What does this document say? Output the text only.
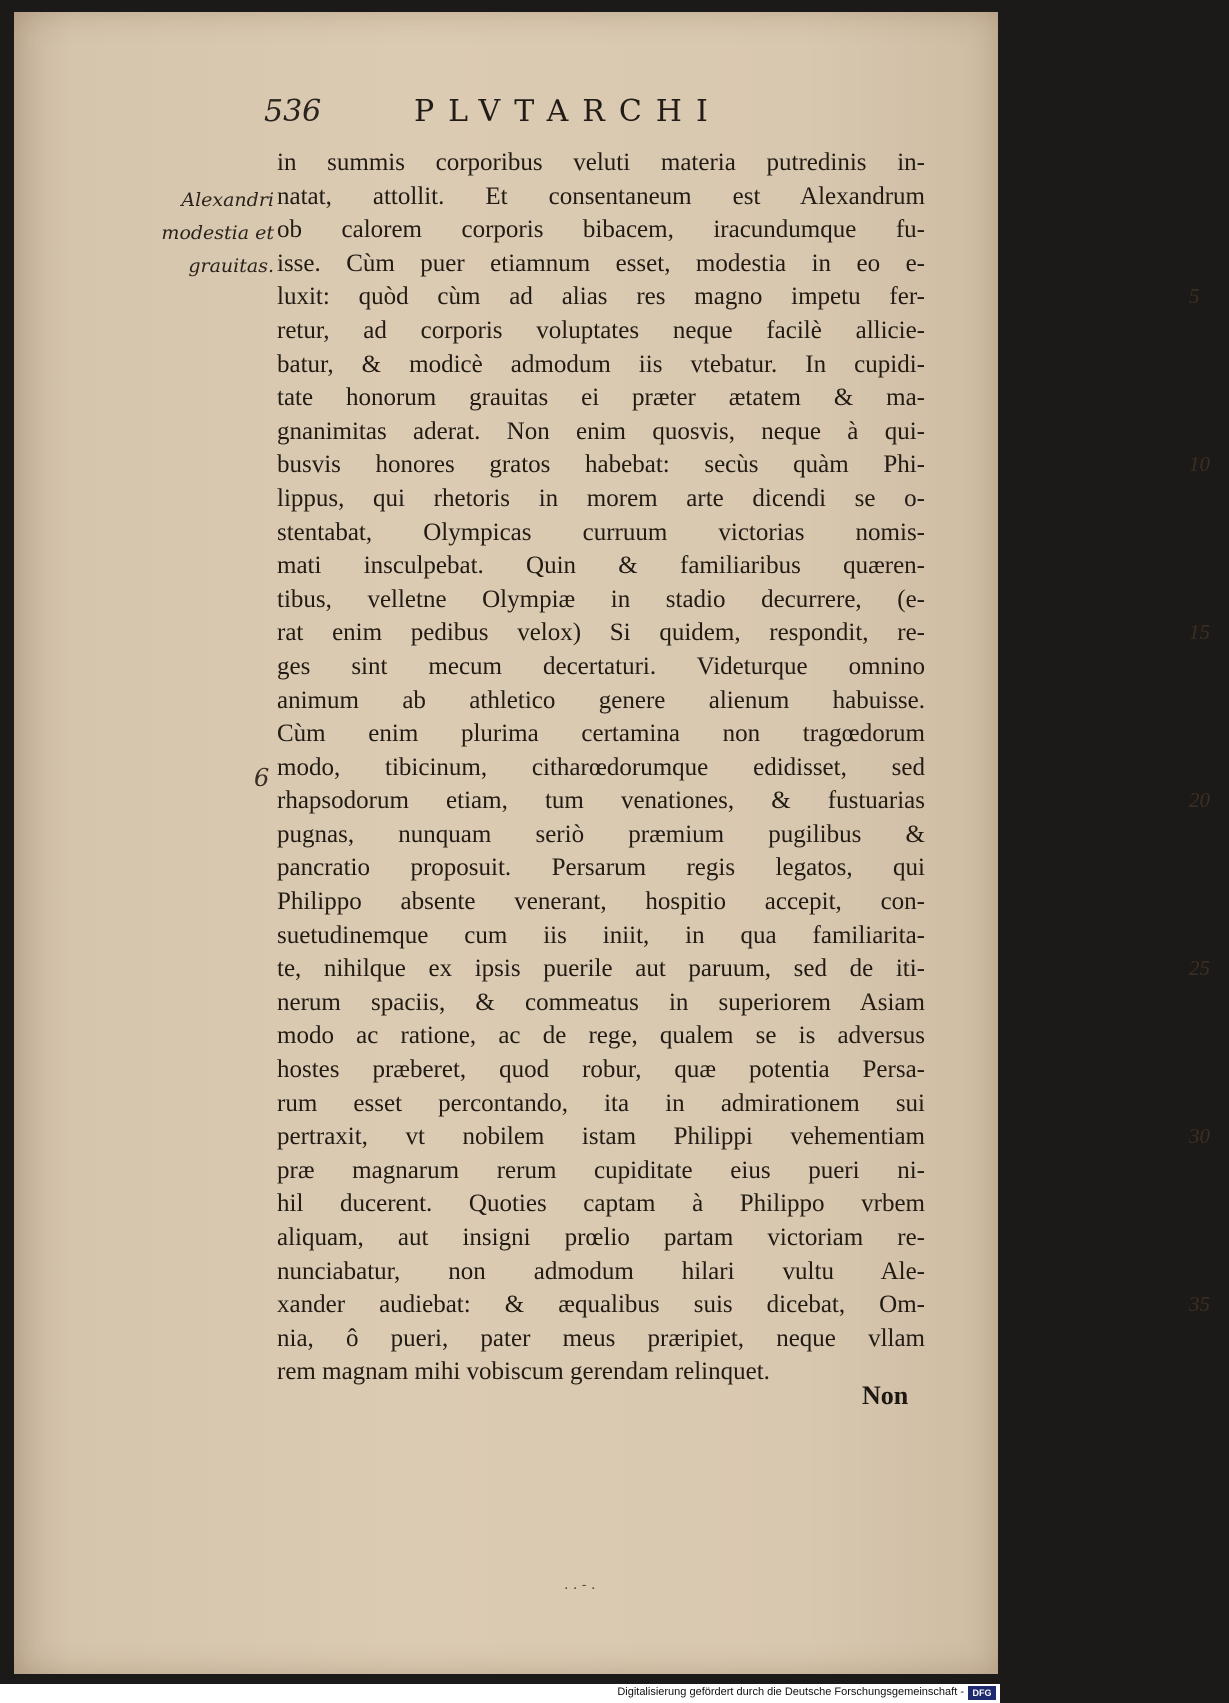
536	PLVTARCHI
Alexandri
modestia et
grauitas.
6
in summis corporibus veluti materia putredinis in-
natat, attollit. Et consentaneum est Alexandrum
ob calorem corporis bibacem, iracundumque fu-
isse. Cùm puer etiamnum esset, modestia in eo e-
luxit: quòd cùm ad alias res magno impetu fer-
retur, ad corporis voluptates neque facilè allicie-
batur, & modicè admodum iis vtebatur. In cupidi-
tate honorum grauitas ei præter ætatem & ma-
gnanimitas aderat. Non enim quosvis, neque à qui-
busvis honores gratos habebat: secùs quàm Phi-
lippus, qui rhetoris in morem arte dicendi se o-
stentabat, Olympicas curruum victorias nomis-
mati insculpebat. Quin & familiaribus quæren-
tibus, velletne Olympiæ in stadio decurrere, (e-
rat enim pedibus velox) Si quidem, respondit, re-
ges sint mecum decertaturi. Videturque omnino
animum ab athletico genere alienum habuisse.
Cùm enim plurima certamina non tragœdorum
modo, tibicinum, citharœdorumque edidisset, sed
rhapsodorum etiam, tum venationes, & fustuarias
pugnas, nunquam seriò præmium pugilibus &
pancratio proposuit. Persarum regis legatos, qui
Philippo absente venerant, hospitio accepit, con-
suetudinemque cum iis iniit, in qua familiarita-
te, nihilque ex ipsis puerile aut paruum, sed de iti-
nerum spaciis, & commeatus in superiorem Asiam
modo ac ratione, ac de rege, qualem se is adversus
hostes præberet, quod robur, quæ potentia Persa-
rum esset percontando, ita in admirationem sui
pertraxit, vt nobilem istam Philippi vehementiam
præ magnarum rerum cupiditate eius pueri ni-
hil ducerent. Quoties captam à Philippo vrbem
aliquam, aut insigni prœlio partam victoriam re-
nunciabatur, non admodum hilari vultu Ale-
xander audiebat: & æqualibus suis dicebat, Om-
nia, ô pueri, pater meus præripiet, neque vllam
rem magnam mihi vobiscum gerendam relinquet.
5
10
15
20
25
30
35
Non
. . - .
Digitalisierung gefördert durch die Deutsche Forschungsgemeinschaft - DFG
